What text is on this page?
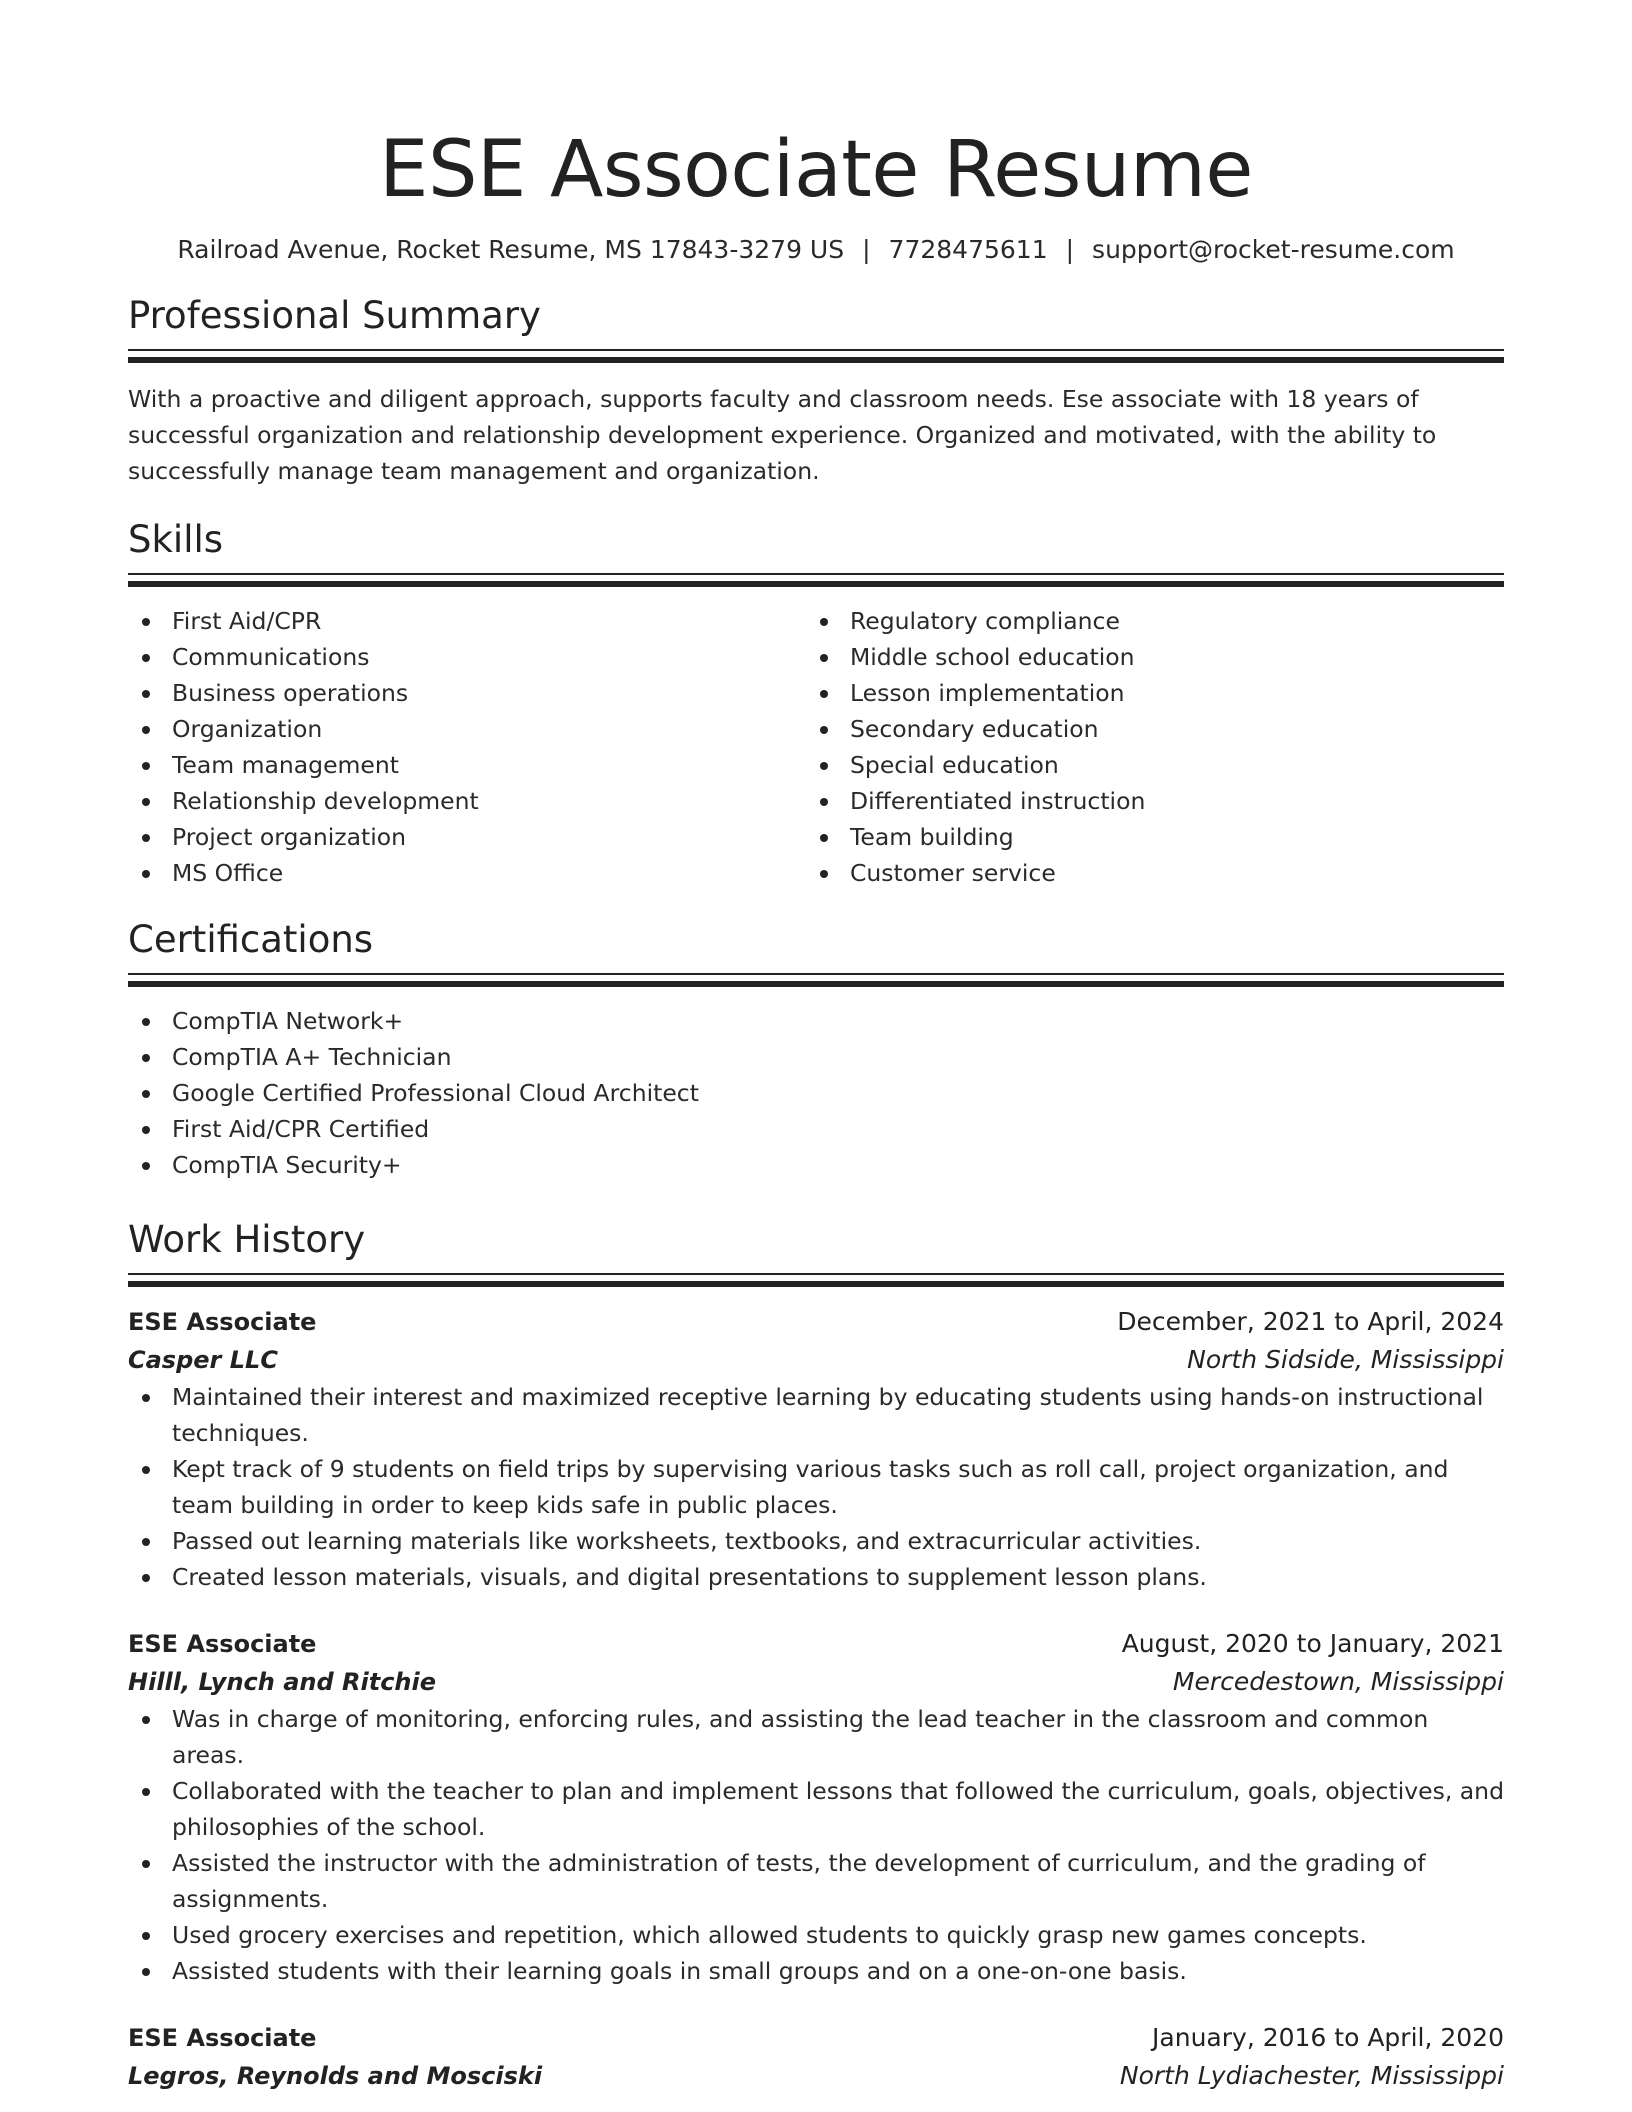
ESE Associate Resume
Railroad Avenue, Rocket Resume, MS 17843-3279 US | 7728475611 | support@rocket-resume.com
Professional Summary
With a proactive and diligent approach, supports faculty and classroom needs. Ese associate with 18 years of successful organization and relationship development experience. Organized and motivated, with the ability to successfully manage team management and organization.
Skills
First Aid/CPR
Communications
Business operations
Organization
Team management
Relationship development
Project organization
MS Office
Regulatory compliance
Middle school education
Lesson implementation
Secondary education
Special education
Differentiated instruction
Team building
Customer service
Certifications
CompTIA Network+
CompTIA A+ Technician
Google Certified Professional Cloud Architect
First Aid/CPR Certified
CompTIA Security+
Work History
ESE Associate	December, 2021 to April, 2024
Casper LLC	North Sidside, Mississippi
Maintained their interest and maximized receptive learning by educating students using hands-on instructional techniques.
Kept track of 9 students on field trips by supervising various tasks such as roll call, project organization, and team building in order to keep kids safe in public places.
Passed out learning materials like worksheets, textbooks, and extracurricular activities.
Created lesson materials, visuals, and digital presentations to supplement lesson plans.
ESE Associate	August, 2020 to January, 2021
Hilll, Lynch and Ritchie	Mercedestown, Mississippi
Was in charge of monitoring, enforcing rules, and assisting the lead teacher in the classroom and common areas.
Collaborated with the teacher to plan and implement lessons that followed the curriculum, goals, objectives, and philosophies of the school.
Assisted the instructor with the administration of tests, the development of curriculum, and the grading of assignments.
Used grocery exercises and repetition, which allowed students to quickly grasp new games concepts.
Assisted students with their learning goals in small groups and on a one-on-one basis.
ESE Associate	January, 2016 to April, 2020
Legros, Reynolds and Mosciski	North Lydiachester, Mississippi
